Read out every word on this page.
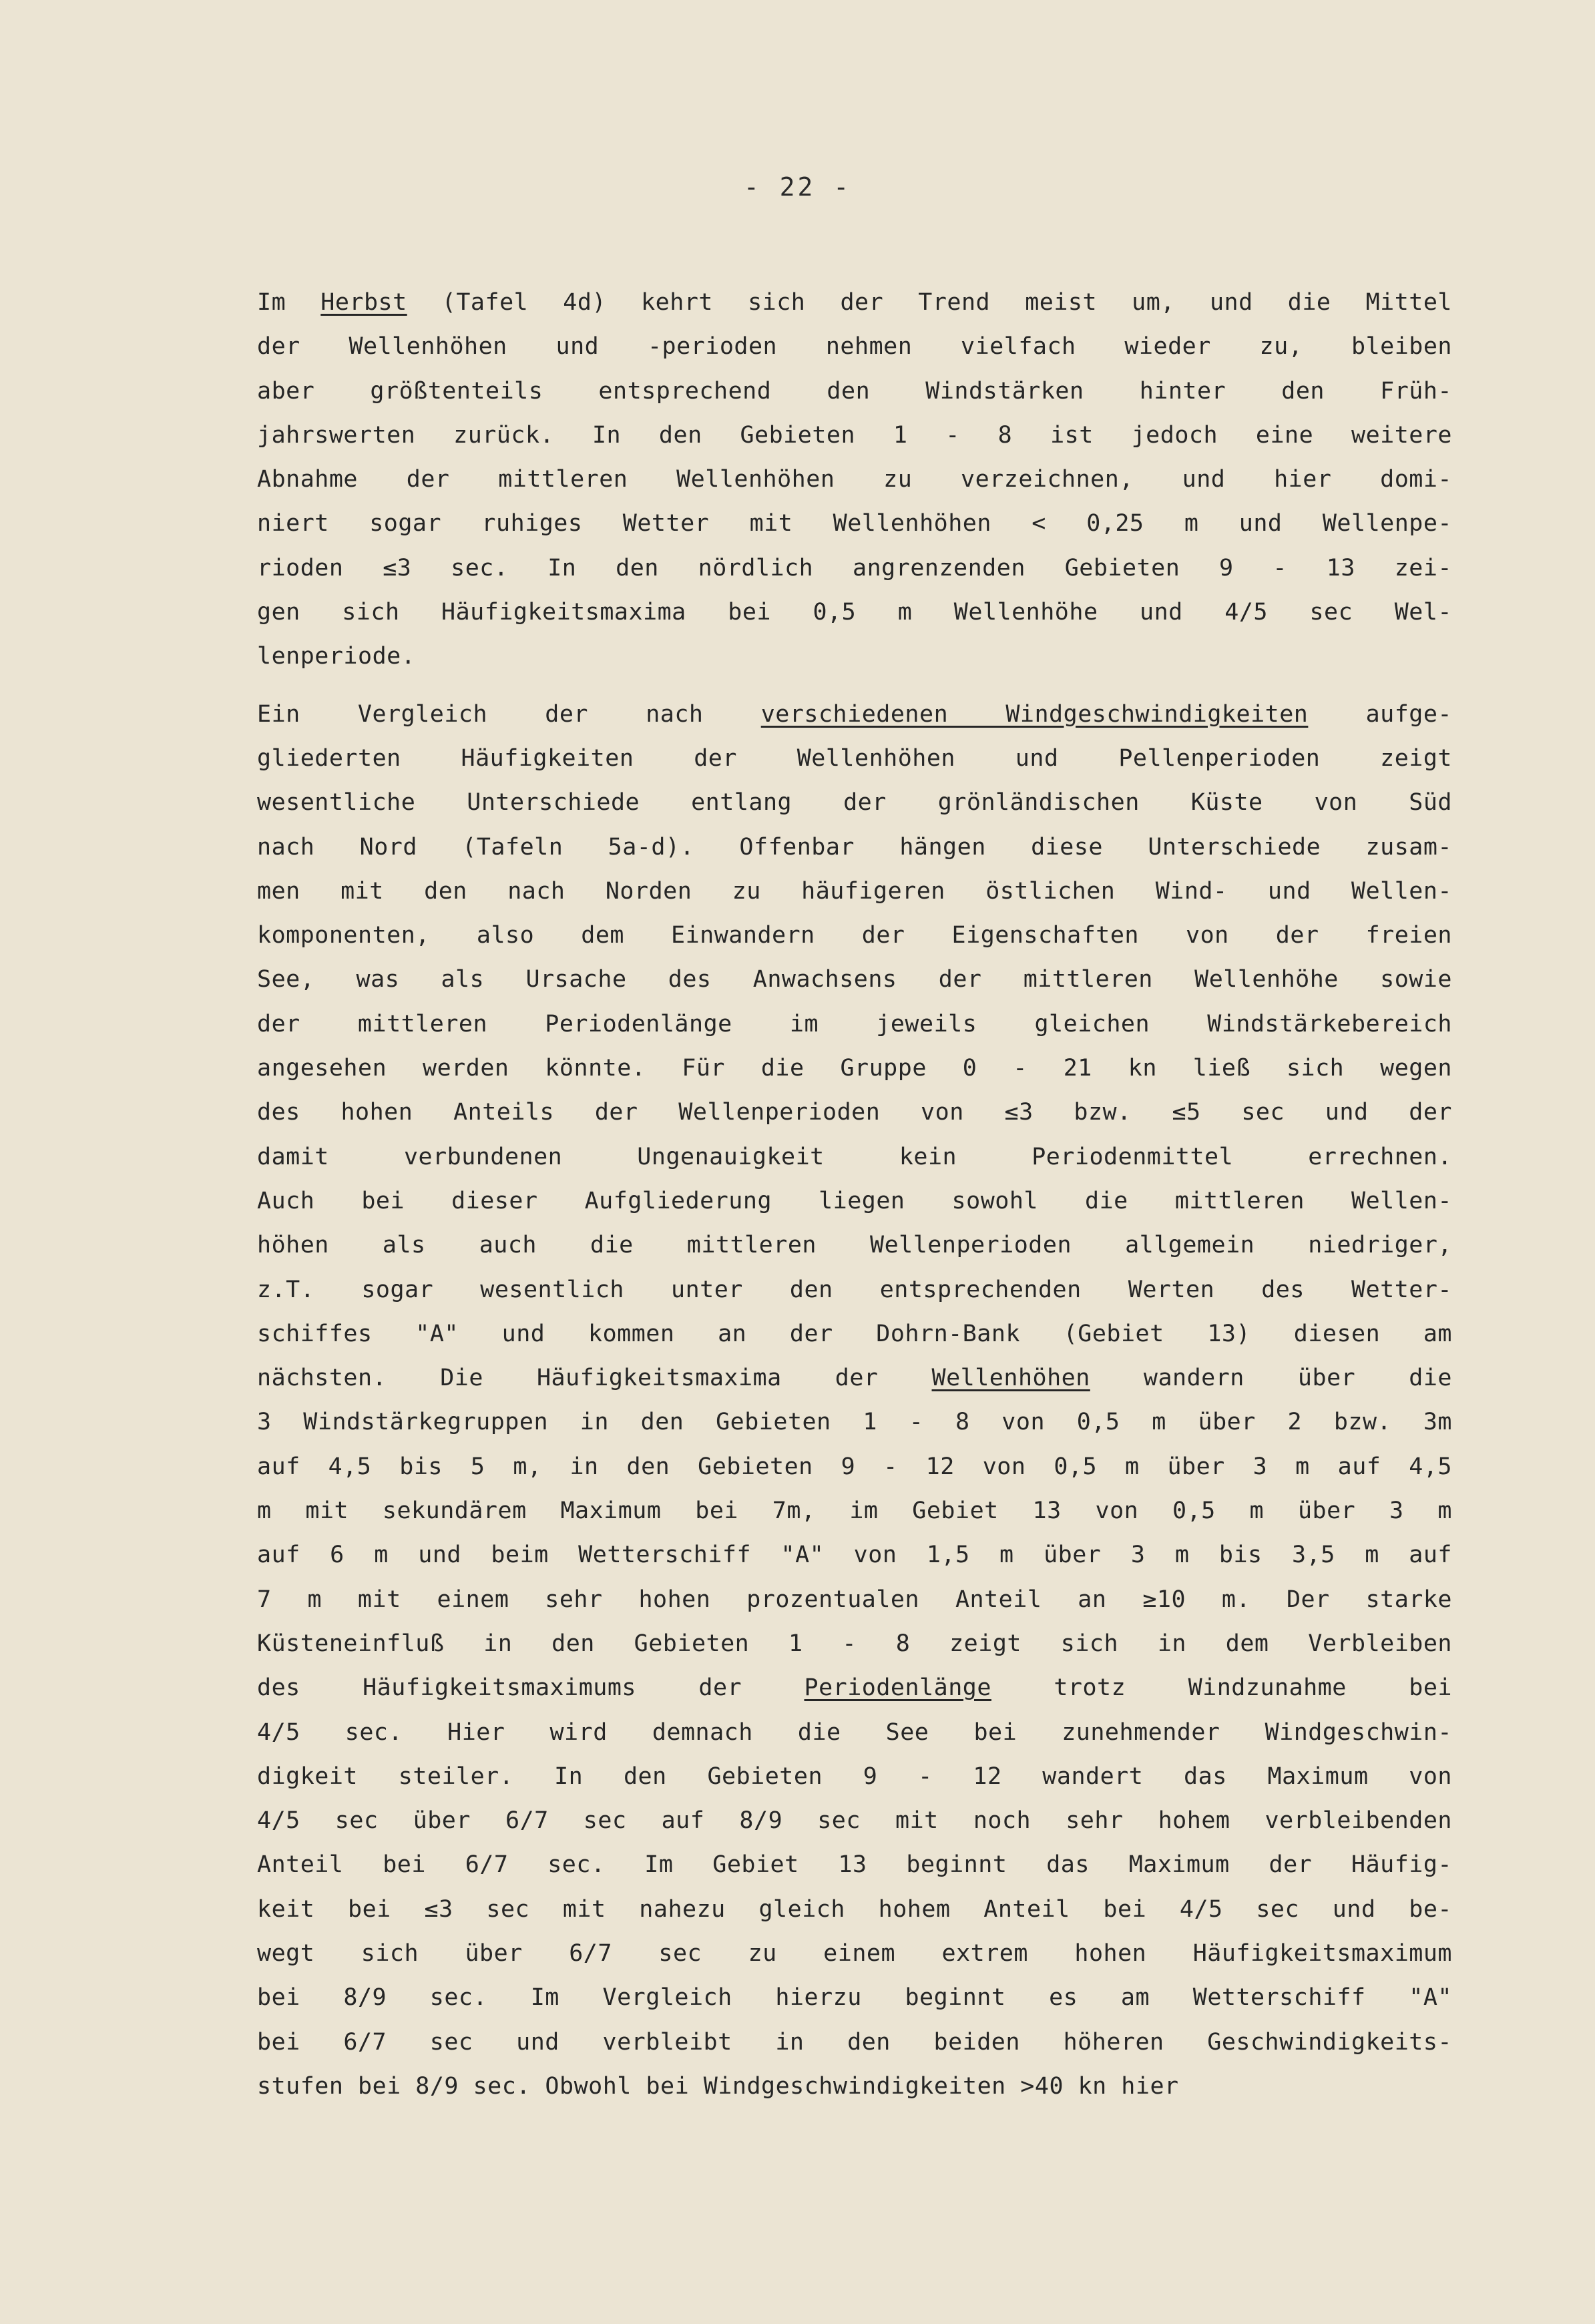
- 22 -
Im Herbst (Tafel 4d) kehrt sich der Trend meist um, und die Mittel
der Wellenhöhen und -perioden nehmen vielfach wieder zu, bleiben
aber größtenteils entsprechend den Windstärken hinter den Früh-
jahrswerten zurück. In den Gebieten 1 - 8 ist jedoch eine weitere
Abnahme der mittleren Wellenhöhen zu verzeichnen, und hier domi-
niert sogar ruhiges Wetter mit Wellenhöhen < 0,25 m und Wellenpe-
rioden ≤3 sec. In den nördlich angrenzenden Gebieten 9 - 13 zei-
gen sich Häufigkeitsmaxima bei 0,5 m Wellenhöhe und 4/5 sec Wel-
lenperiode.
Ein Vergleich der nach verschiedenen Windgeschwindigkeiten aufge-
gliederten Häufigkeiten der Wellenhöhen und Pellenperioden zeigt
wesentliche Unterschiede entlang der grönländischen Küste von Süd
nach Nord (Tafeln 5a-d). Offenbar hängen diese Unterschiede zusam-
men mit den nach Norden zu häufigeren östlichen Wind- und Wellen-
komponenten, also dem Einwandern der Eigenschaften von der freien
See, was als Ursache des Anwachsens der mittleren Wellenhöhe sowie
der mittleren Periodenlänge im jeweils gleichen Windstärkebereich
angesehen werden könnte. Für die Gruppe 0 - 21 kn ließ sich wegen
des hohen Anteils der Wellenperioden von ≤3 bzw. ≤5 sec und der
damit verbundenen Ungenauigkeit kein Periodenmittel errechnen.
Auch bei dieser Aufgliederung liegen sowohl die mittleren Wellen-
höhen als auch die mittleren Wellenperioden allgemein niedriger,
z.T. sogar wesentlich unter den entsprechenden Werten des Wetter-
schiffes "A" und kommen an der Dohrn-Bank (Gebiet 13) diesen am
nächsten. Die Häufigkeitsmaxima der Wellenhöhen wandern über die
3 Windstärkegruppen in den Gebieten 1 - 8 von 0,5 m über 2 bzw. 3m
auf 4,5 bis 5 m, in den Gebieten 9 - 12 von 0,5 m über 3 m auf 4,5
m mit sekundärem Maximum bei 7m, im Gebiet 13 von 0,5 m über 3 m
auf 6 m und beim Wetterschiff "A" von 1,5 m über 3 m bis 3,5 m auf
7 m mit einem sehr hohen prozentualen Anteil an ≥10 m. Der starke
Küsteneinfluß in den Gebieten 1 - 8 zeigt sich in dem Verbleiben
des Häufigkeitsmaximums der Periodenlänge trotz Windzunahme bei
4/5 sec. Hier wird demnach die See bei zunehmender Windgeschwin-
digkeit steiler. In den Gebieten 9 - 12 wandert das Maximum von
4/5 sec über 6/7 sec auf 8/9 sec mit noch sehr hohem verbleibenden
Anteil bei 6/7 sec. Im Gebiet 13 beginnt das Maximum der Häufig-
keit bei ≤3 sec mit nahezu gleich hohem Anteil bei 4/5 sec und be-
wegt sich über 6/7 sec zu einem extrem hohen Häufigkeitsmaximum
bei 8/9 sec. Im Vergleich hierzu beginnt es am Wetterschiff "A"
bei 6/7 sec und verbleibt in den beiden höheren Geschwindigkeits-
stufen bei 8/9 sec. Obwohl bei Windgeschwindigkeiten >40 kn hier
